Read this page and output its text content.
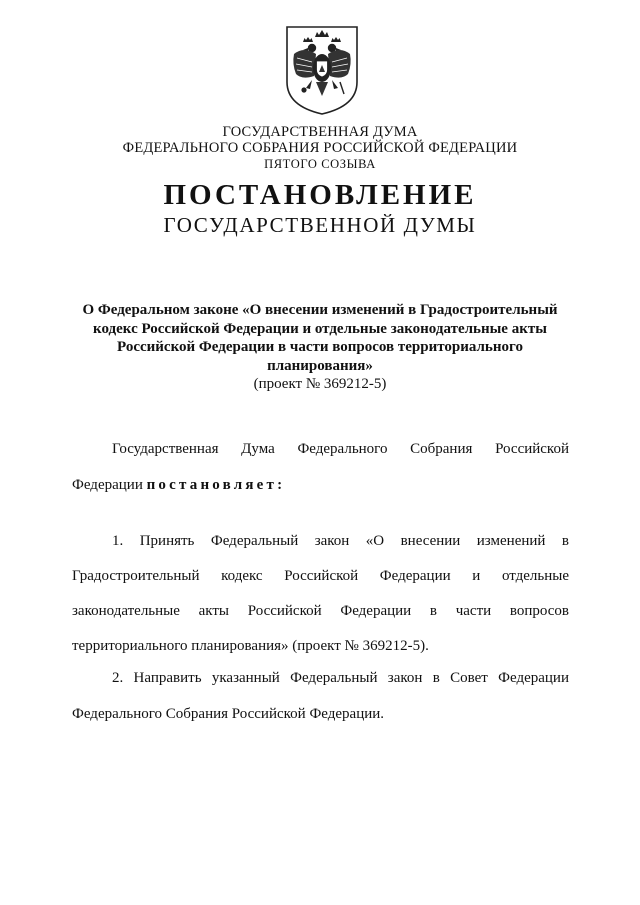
ГОСУДАРСТВЕННАЯ ДУМА
ФЕДЕРАЛЬНОГО СОБРАНИЯ РОССИЙСКОЙ ФЕДЕРАЦИИ
ПЯТОГО СОЗЫВА
ПОСТАНОВЛЕНИЕ
ГОСУДАРСТВЕННОЙ ДУМЫ
О Федеральном законе «О внесении изменений в Градостроительный
кодекс Российской Федерации и отдельные законодательные акты
Российской Федерации в части вопросов территориального
планирования»
(проект № 369212-5)
Государственная Дума Федерального Собрания Российской
Федерации постановляет:
1. Принять Федеральный закон «О внесении изменений в
Градостроительный кодекс Российской Федерации и отдельные
законодательные акты Российской Федерации в части вопросов
территориального планирования» (проект № 369212-5).
2. Направить указанный Федеральный закон в Совет Федерации
Федерального Собрания Российской Федерации.
